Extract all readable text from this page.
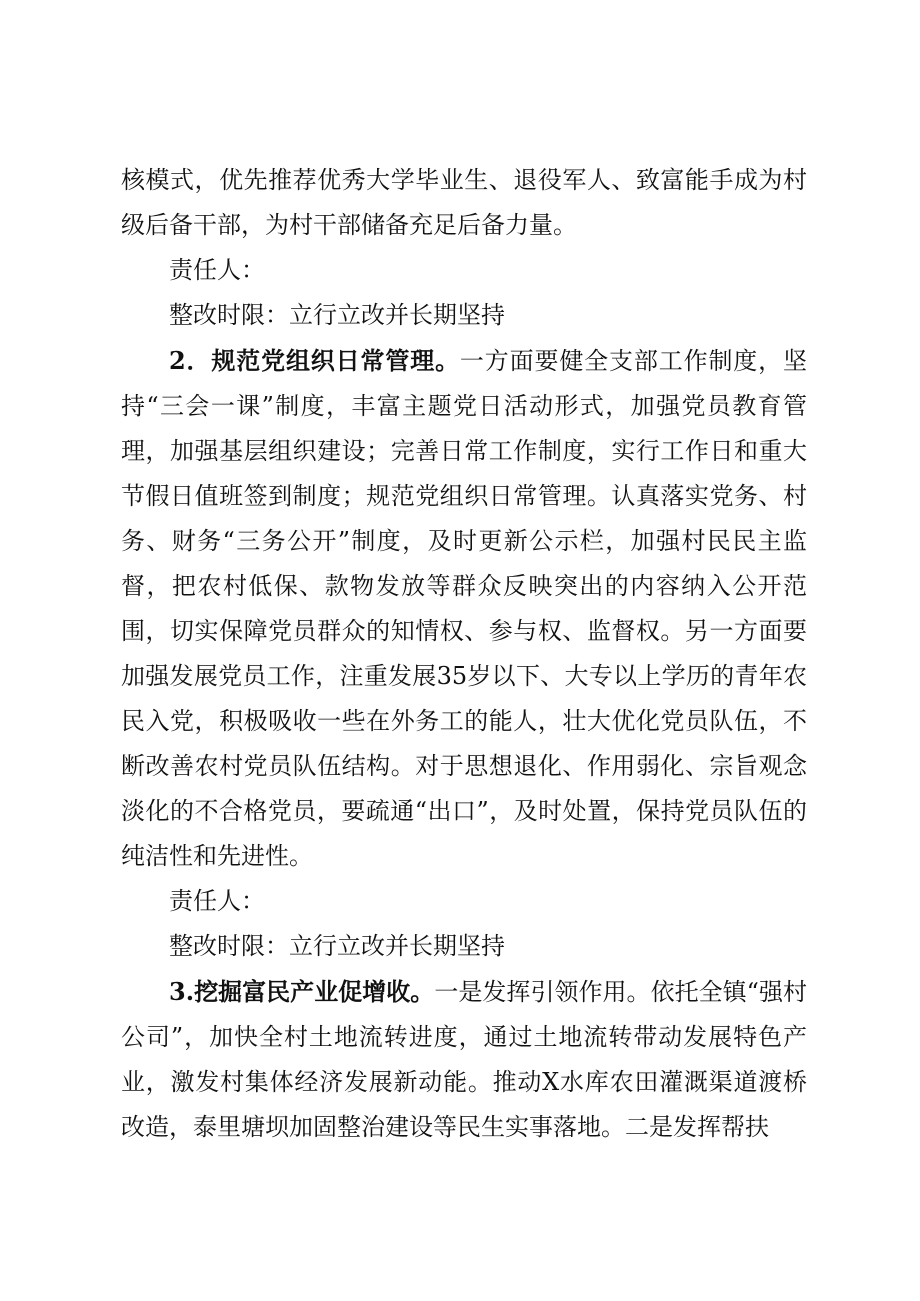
核模式，优先推荐优秀大学毕业生、退役军人、致富能手成为村级后备干部，为村干部储备充足后备力量。

责任人：

整改时限：立行立改并长期坚持

2．规范党组织日常管理。一方面要健全支部工作制度，坚持“三会一课”制度，丰富主题党日活动形式，加强党员教育管理，加强基层组织建设；完善日常工作制度，实行工作日和重大节假日值班签到制度；规范党组织日常管理。认真落实党务、村务、财务“三务公开”制度，及时更新公示栏，加强村民民主监督，把农村低保、款物发放等群众反映突出的内容纳入公开范围，切实保障党员群众的知情权、参与权、监督权。另一方面要加强发展党员工作，注重发展35岁以下、大专以上学历的青年农民入党，积极吸收一些在外务工的能人，壮大优化党员队伍，不断改善农村党员队伍结构。对于思想退化、作用弱化、宗旨观念淡化的不合格党员，要疏通“出口”，及时处置，保持党员队伍的纯洁性和先进性。

责任人：

整改时限：立行立改并长期坚持

3.挖掘富民产业促增收。一是发挥引领作用。依托全镇“强村公司”，加快全村土地流转进度，通过土地流转带动发展特色产业，激发村集体经济发展新动能。推动X水库农田灌溉渠道渡桥改造，泰里塘坝加固整治建设等民生实事落地。二是发挥帮扶
